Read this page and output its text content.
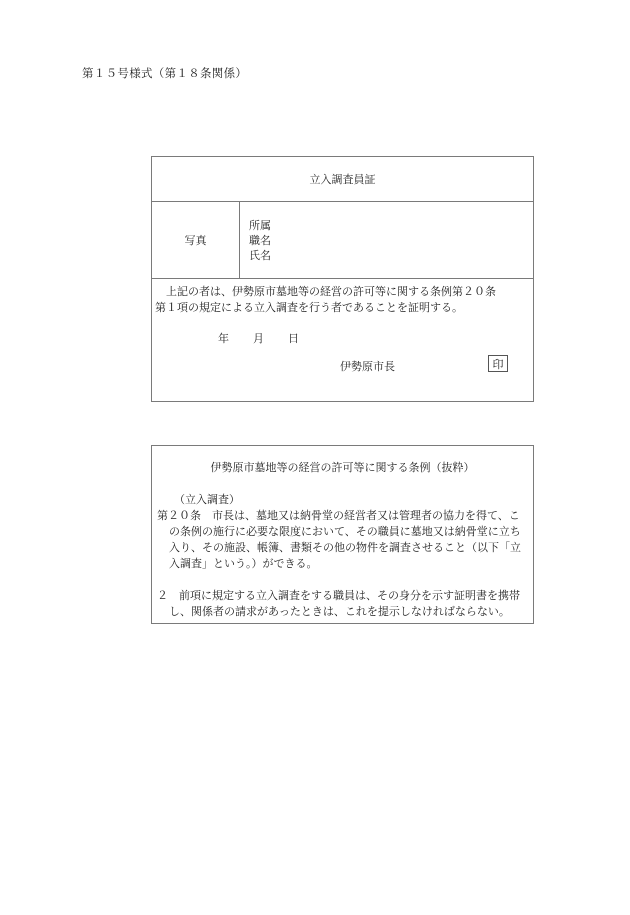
第１５号様式（第１８条関係）
立入調査員証
写真
所属
職名
氏名

　上記の者は、伊勢原市墓地等の経営の許可等に関する条例第２０条

第１項の規定による立入調査を行う者であることを証明する。

年 月 日
伊勢原市長	印
伊勢原市墓地等の経営の許可等に関する条例（抜粋）

（立入調査）

第２０条　市長は、墓地又は納骨堂の経営者又は管理者の協力を得て、この条例の施行に必要な限度において、その職員に墓地又は納骨堂に立ち入り、その施設、帳簿、書類その他の物件を調査させること（以下「立入調査」という。）ができる。

２　前項に規定する立入調査をする職員は、その身分を示す証明書を携帯し、関係者の請求があったときは、これを提示しなければならない。
